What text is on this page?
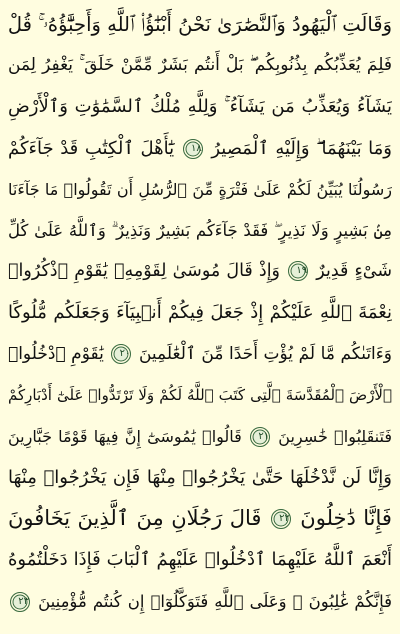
وَقَالَتِ ٱلْيَهُودُ وَٱلنَّصَٰرَىٰ نَحْنُ أَبْنَٰٓؤُا۟ ٱللَّهِ وَأَحِبَّٰٓؤُهُۥ ۚ قُلْ
فَلِمَ يُعَذِّبُكُم بِذُنُوبِكُم ۖ بَلْ أَنتُم بَشَرٌ مِّمَّنْ خَلَقَ ۚ يَغْفِرُ لِمَن
يَشَآءُ وَيُعَذِّبُ مَن يَشَآءُ ۚ وَلِلَّهِ مُلْكُ ٱلسَّمَٰوَٰتِ وَٱلْأَرْضِ
وَمَا بَيْنَهُمَا ۖ وَإِلَيْهِ ٱلْمَصِيرُ ١٨ يَٰٓأَهْلَ ٱلْكِتَٰبِ قَدْ جَآءَكُمْ
رَسُولُنَا يُبَيِّنُ لَكُمْ عَلَىٰ فَتْرَةٍ مِّنَ ٱلرُّسُلِ أَن تَقُولُوا۟ مَا جَآءَنَا
مِنۢ بَشِيرٍ وَلَا نَذِيرٍ ۖ فَقَدْ جَآءَكُم بَشِيرٌ وَنَذِيرٌ ۗ وَٱللَّهُ عَلَىٰ كُلِّ
شَىْءٍ قَدِيرٌ ١٩ وَإِذْ قَالَ مُوسَىٰ لِقَوْمِهِۦ يَٰقَوْمِ ٱذْكُرُوا۟
نِعْمَةَ ٱللَّهِ عَلَيْكُمْ إِذْ جَعَلَ فِيكُمْ أَنۢبِيَآءَ وَجَعَلَكُم مُّلُوكًا
وَءَاتَىٰكُم مَّا لَمْ يُؤْتِ أَحَدًا مِّنَ ٱلْعَٰلَمِينَ ٢٠ يَٰقَوْمِ ٱدْخُلُوا۟
ٱلْأَرْضَ ٱلْمُقَدَّسَةَ ٱلَّتِى كَتَبَ ٱللَّهُ لَكُمْ وَلَا تَرْتَدُّوا۟ عَلَىٰٓ أَدْبَارِكُمْ
فَتَنقَلِبُوا۟ خَٰسِرِينَ ٢١ قَالُوا۟ يَٰمُوسَىٰٓ إِنَّ فِيهَا قَوْمًا جَبَّارِينَ
وَإِنَّا لَن نَّدْخُلَهَا حَتَّىٰ يَخْرُجُوا۟ مِنْهَا فَإِن يَخْرُجُوا۟ مِنْهَا
فَإِنَّا دَٰخِلُونَ ٢٢ قَالَ رَجُلَانِ مِنَ ٱلَّذِينَ يَخَافُونَ
أَنْعَمَ ٱللَّهُ عَلَيْهِمَا ٱدْخُلُوا۟ عَلَيْهِمُ ٱلْبَابَ فَإِذَا دَخَلْتُمُوهُ
فَإِنَّكُمْ غَٰلِبُونَ ۚ وَعَلَى ٱللَّهِ فَتَوَكَّلُوٓا۟ إِن كُنتُم مُّؤْمِنِينَ ٢٣
